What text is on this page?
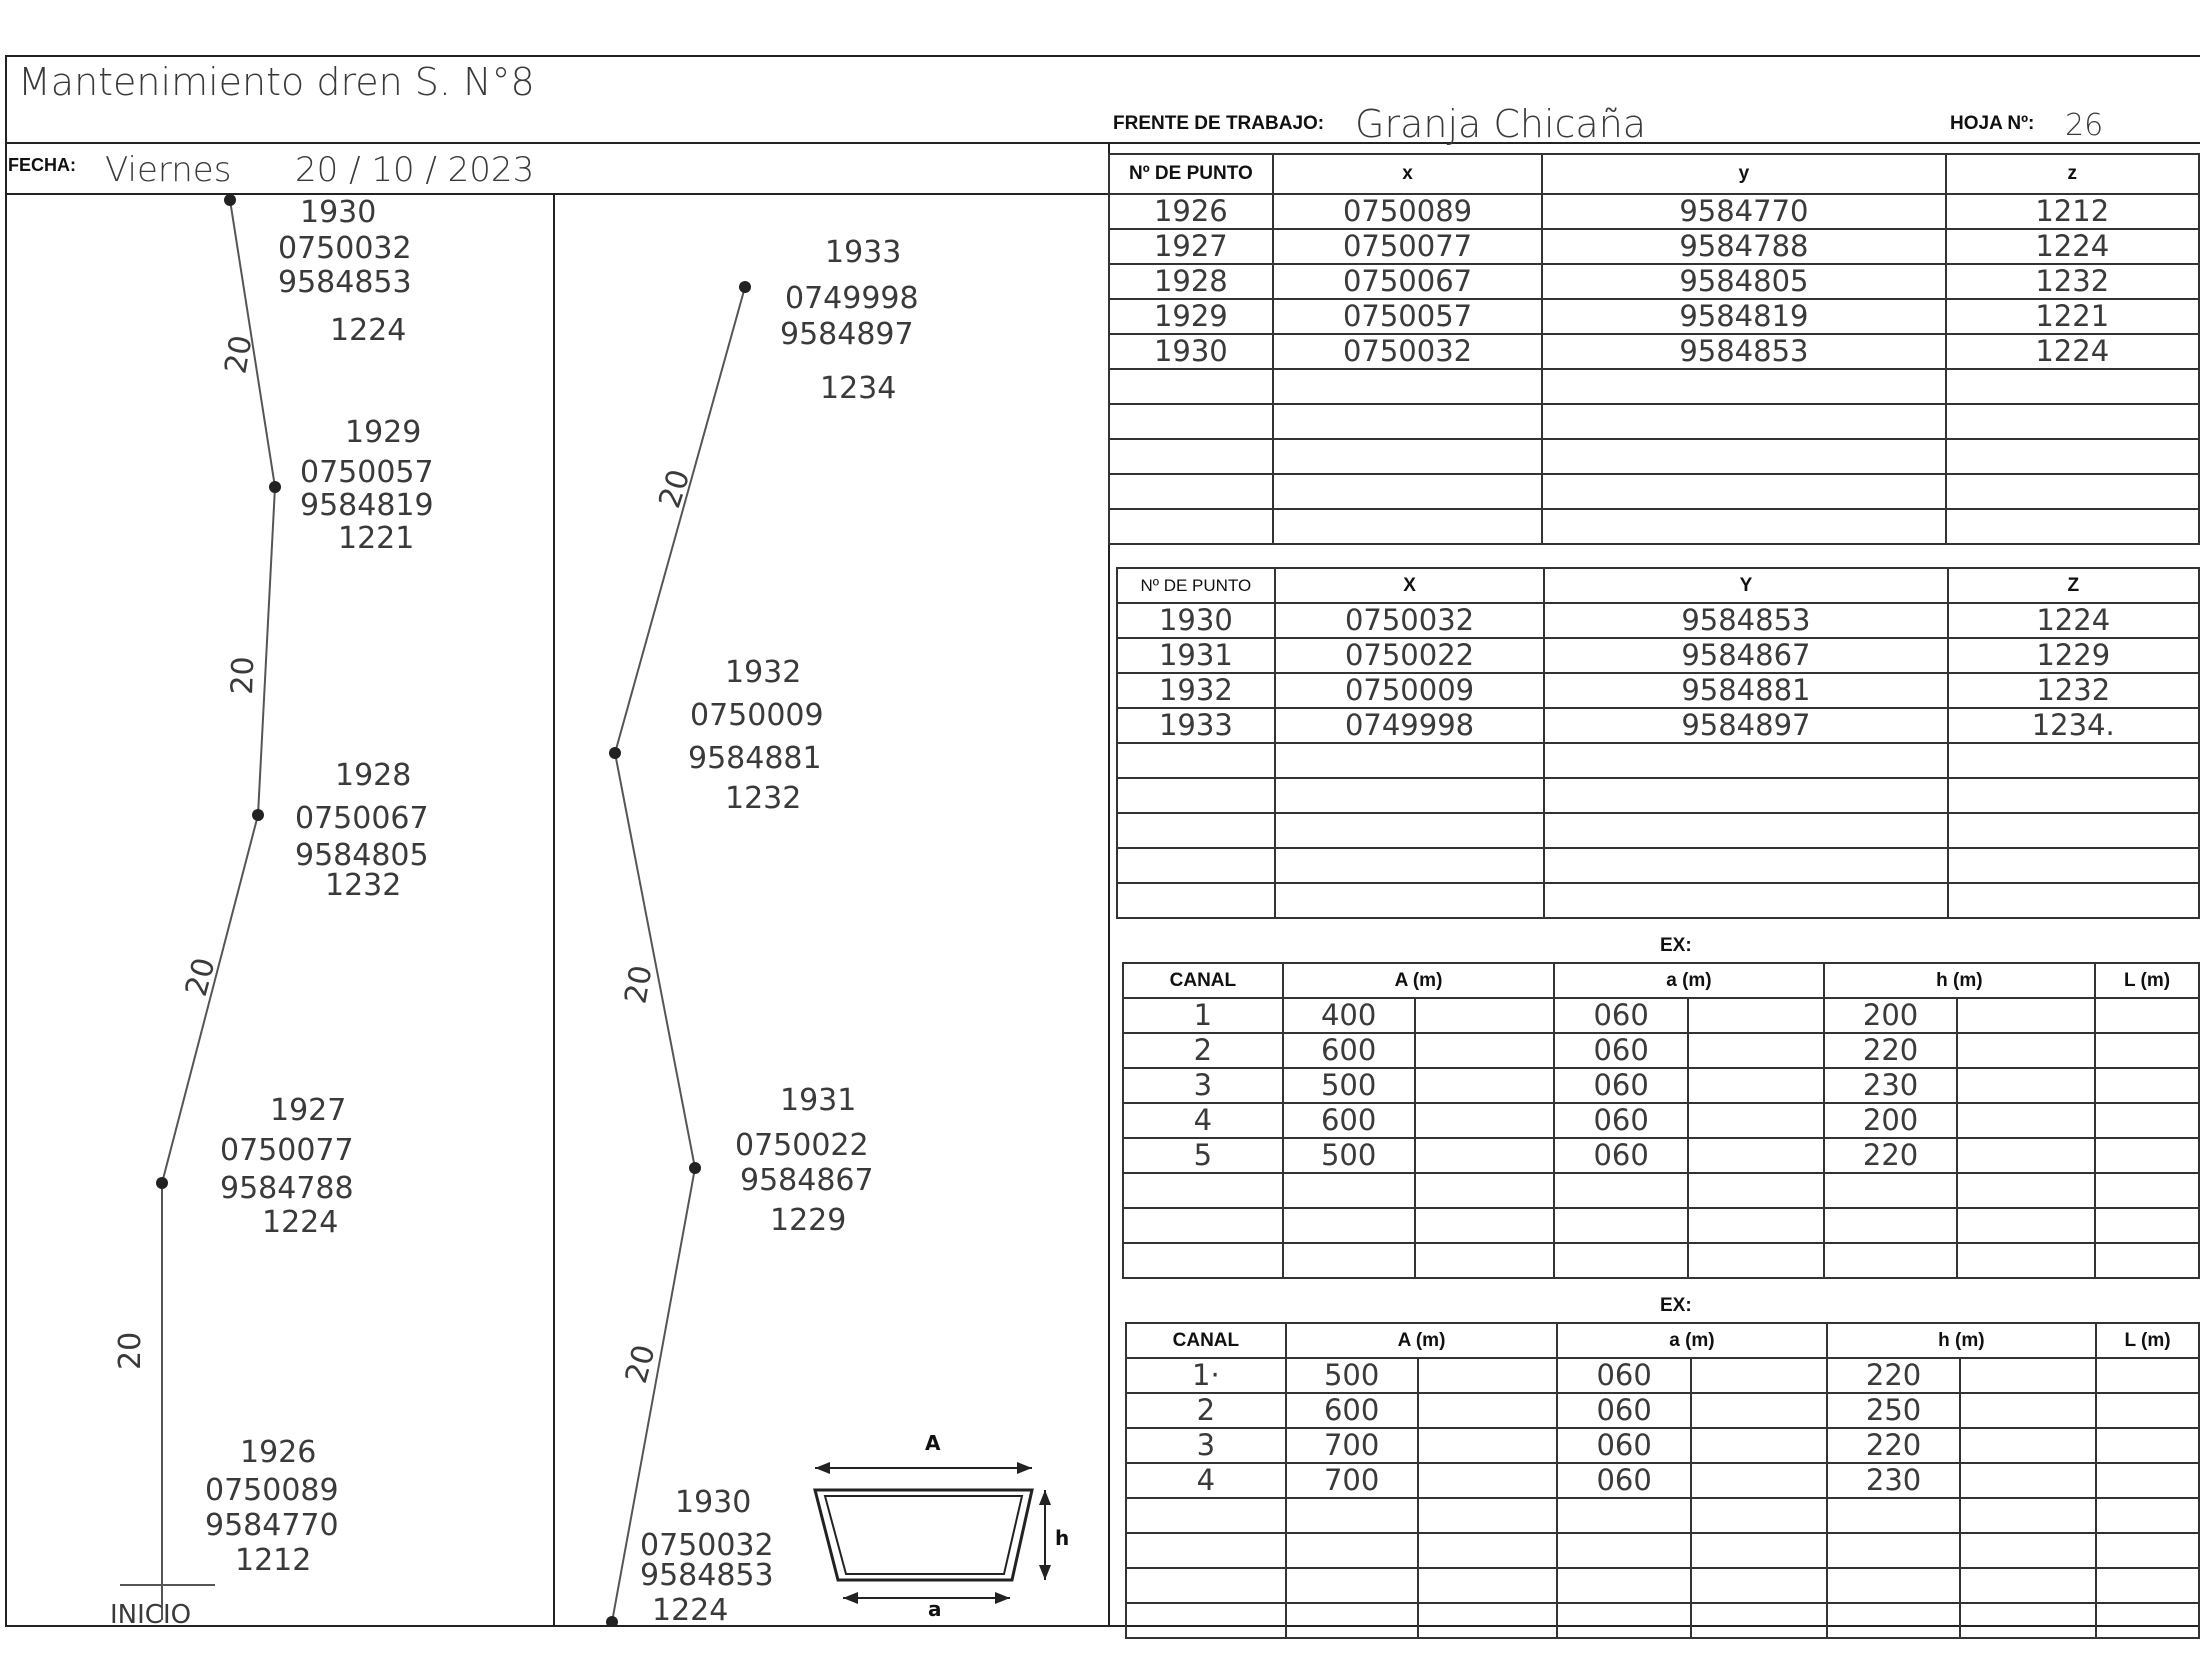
Mantenimiento dren S. N°8
FRENTE DE TRABAJO: Granja Chicaña	HOJA Nº: 26
FECHA: Viernes 20 / 10 / 2023
1930
0750032
9584853
1224
1929
0750057
9584819
1221
1928
0750067
9584805
1232
1927
0750077
9584788
1224
1926
0750089
9584770
1212
INICIO
20
20
20
20
1933
0749998
9584897
1234
1932
0750009
9584881
1232
1931
0750022
9584867
1229
1930
0750032
9584853
1224
20
20
20
A
a
h
Nº DE PUNTO	x	y	z
1926	0750089	9584770	1212
1927	0750077	9584788	1224
1928	0750067	9584805	1232
1929	0750057	9584819	1221
1930	0750032	9584853	1224

Nº DE PUNTO	X	Y	Z
1930	0750032	9584853	1224
1931	0750022	9584867	1229
1932	0750009	9584881	1232
1933	0749998	9584897	1234.

EX:
CANAL	A (m)		a (m)		h (m)		L (m)
1	400		060		200		
2	600		060		220		
3	500		060		230		
4	600		060		200		
5	500		060		220		

EX:
CANAL	A (m)		a (m)		h (m)		L (m)
1·	500		060		220		
2	600		060		250		
3	700		060		220		
4	700		060		230		
